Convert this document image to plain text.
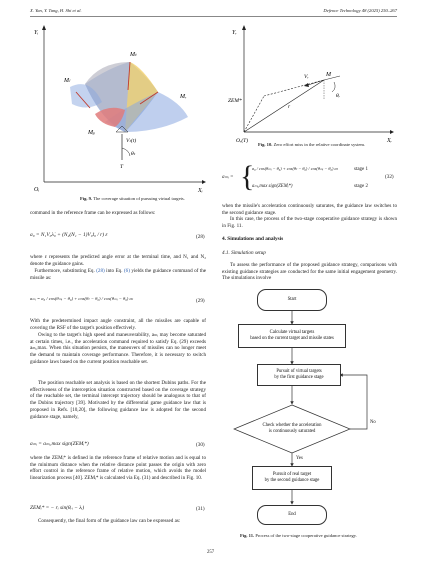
X. Yan, Y. Tang, H. Shi et al.	Defence Technology 48 (2025) 250–267
Yᵢ
Xᵢ
Oᵢ
Mₗ
Mₜ
Mᵣ
Mᵦ
Vₜ(t)
θₜ
T
Fig. 9. The coverage situation of pursuing virtual targets.
command in the reference frame can be expressed as follows:
a₀ = N₁V₀λ̇₀ + (N₂(N₁ − 1)V₀ṫ₀ / r) ε	(28)
where ε represents the predicted angle error at the terminal time, and N₁ and N₂ denote the guidance gains.
Furthermore, substituting Eq. (28) into Eq. (6) yields the guidance command of the missile as:
aₘᵢ = a₀ / cos(θₘᵢ − θ₀) + cos(θₜ − θ₀) / cos(θₘᵢ − θ₀) aₜ	(29)
With the predetermined impact angle constraint, all the missiles are capable of covering the RSF of the target's position effectively.
Owing to the target's high speed and maneuverability, aₘᵢ may become saturated at certain times, i.e., the acceleration command required to satisfy Eq. (29) exceeds aₘᵢ,max. When this situation persists, the maneuvers of missiles can no longer meet the demand to maintain coverage performance. Therefore, it is necessary to switch guidance laws based on the current position reachable set.
The position reachable set analysis is based on the shortest Dubins paths. For the effectiveness of the interception situation constructed based on the coverage strategy of the reachable set, the terminal intercept trajectory should be analogous to that of the Dubins trajectory [39]. Motivated by the differential game guidance law that is proposed in Refs. [10,20], the following guidance law is adopted for the second guidance stage, namely,
aₘᵢ = aₘᵢ,max sign(ZEMᵢ*)	(30)
where the ZEMᵢ* is defined in the reference frame of relative motion and is equal to the minimum distance when the relative distance point passes the origin with zero effort control in the reference frame of relative motion, which avoids the model linearization process [40]. ZEMᵢ* is calculated via Eq. (31) and described in Fig. 10.
ZEMᵢ* = − rᵢ sin(θᵣᵢ − λᵢ)	(31)
Consequently, the final form of the guidance law can be expressed as:
Yᵣ
Xᵣ
Oᵣ(T)
M
Vᵣ
r
θᵣ
ZEM*
Fig. 10. Zero effort miss in the relative coordinate system.
aₘᵢ = {
a₀ / cos(θₘᵢ − θ₀) + cos(θₜ − θ₀) / cos(θₘᵢ − θ₀) aₜ	stage 1
aₘᵢ,max sign(ZEMᵢ*)	stage 2
(32)
when the missile's acceleration continuously saturates, the guidance law switches to the second guidance stage.
In this case, the process of the two-stage cooperative guidance strategy is shown in Fig. 11.
4. Simulations and analysis
4.1. Simulation setup
To assess the performance of the proposed guidance strategy, comparisons with existing guidance strategies are conducted for the same initial engagement geometry. The simulations involve
Start
Calculate virtual targets
based on the current target and missile states
Pursuit of virtual targets
by the first guidance stage
Check whether the acceleration
is continuously saturated
No
Yes
Pursuit of real target
by the second guidance stage
End
Fig. 11. Process of the two-stage cooperative guidance strategy.
257
